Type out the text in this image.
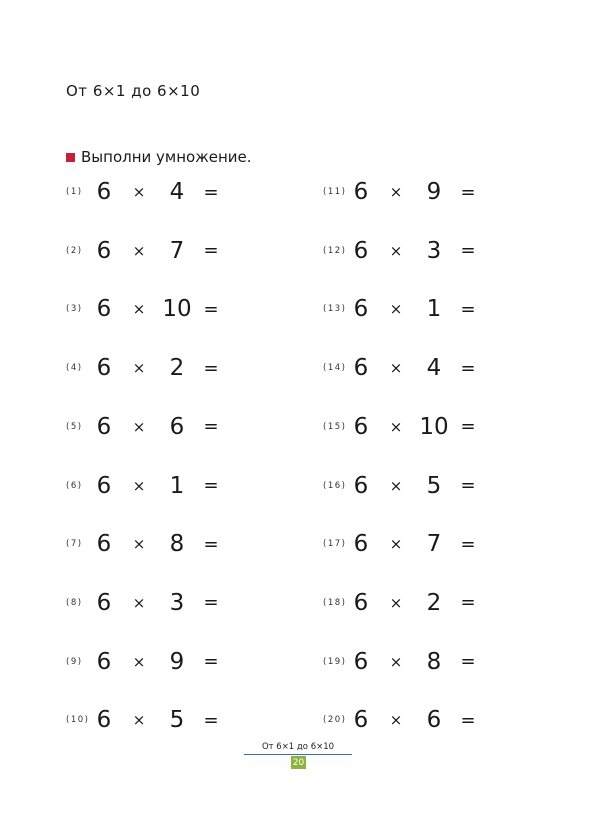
От 6×1 до 6×10
Выполни умножение.
(1) 6 ×	4	=
(2) 6 ×	7	=
(3) 6 × 10 =
(4) 6 ×	2	=
(5) 6 ×	6	=
(6) 6 ×	1	=
(7) 6 ×	8	=
(8) 6 ×	3	=
(9) 6 ×	9	=
(10) 6 ×	5	=
(11) 6 ×	9	=
(12) 6 ×	3	=
(13) 6 ×	1	=
(14) 6 ×	4	=
(15) 6 × 10 =
(16) 6 ×	5	=
(17) 6 ×	7	=
(18) 6 ×	2	=
(19) 6 ×	8	=
(20) 6 ×	6	=
От 6×1 до 6×10
20
